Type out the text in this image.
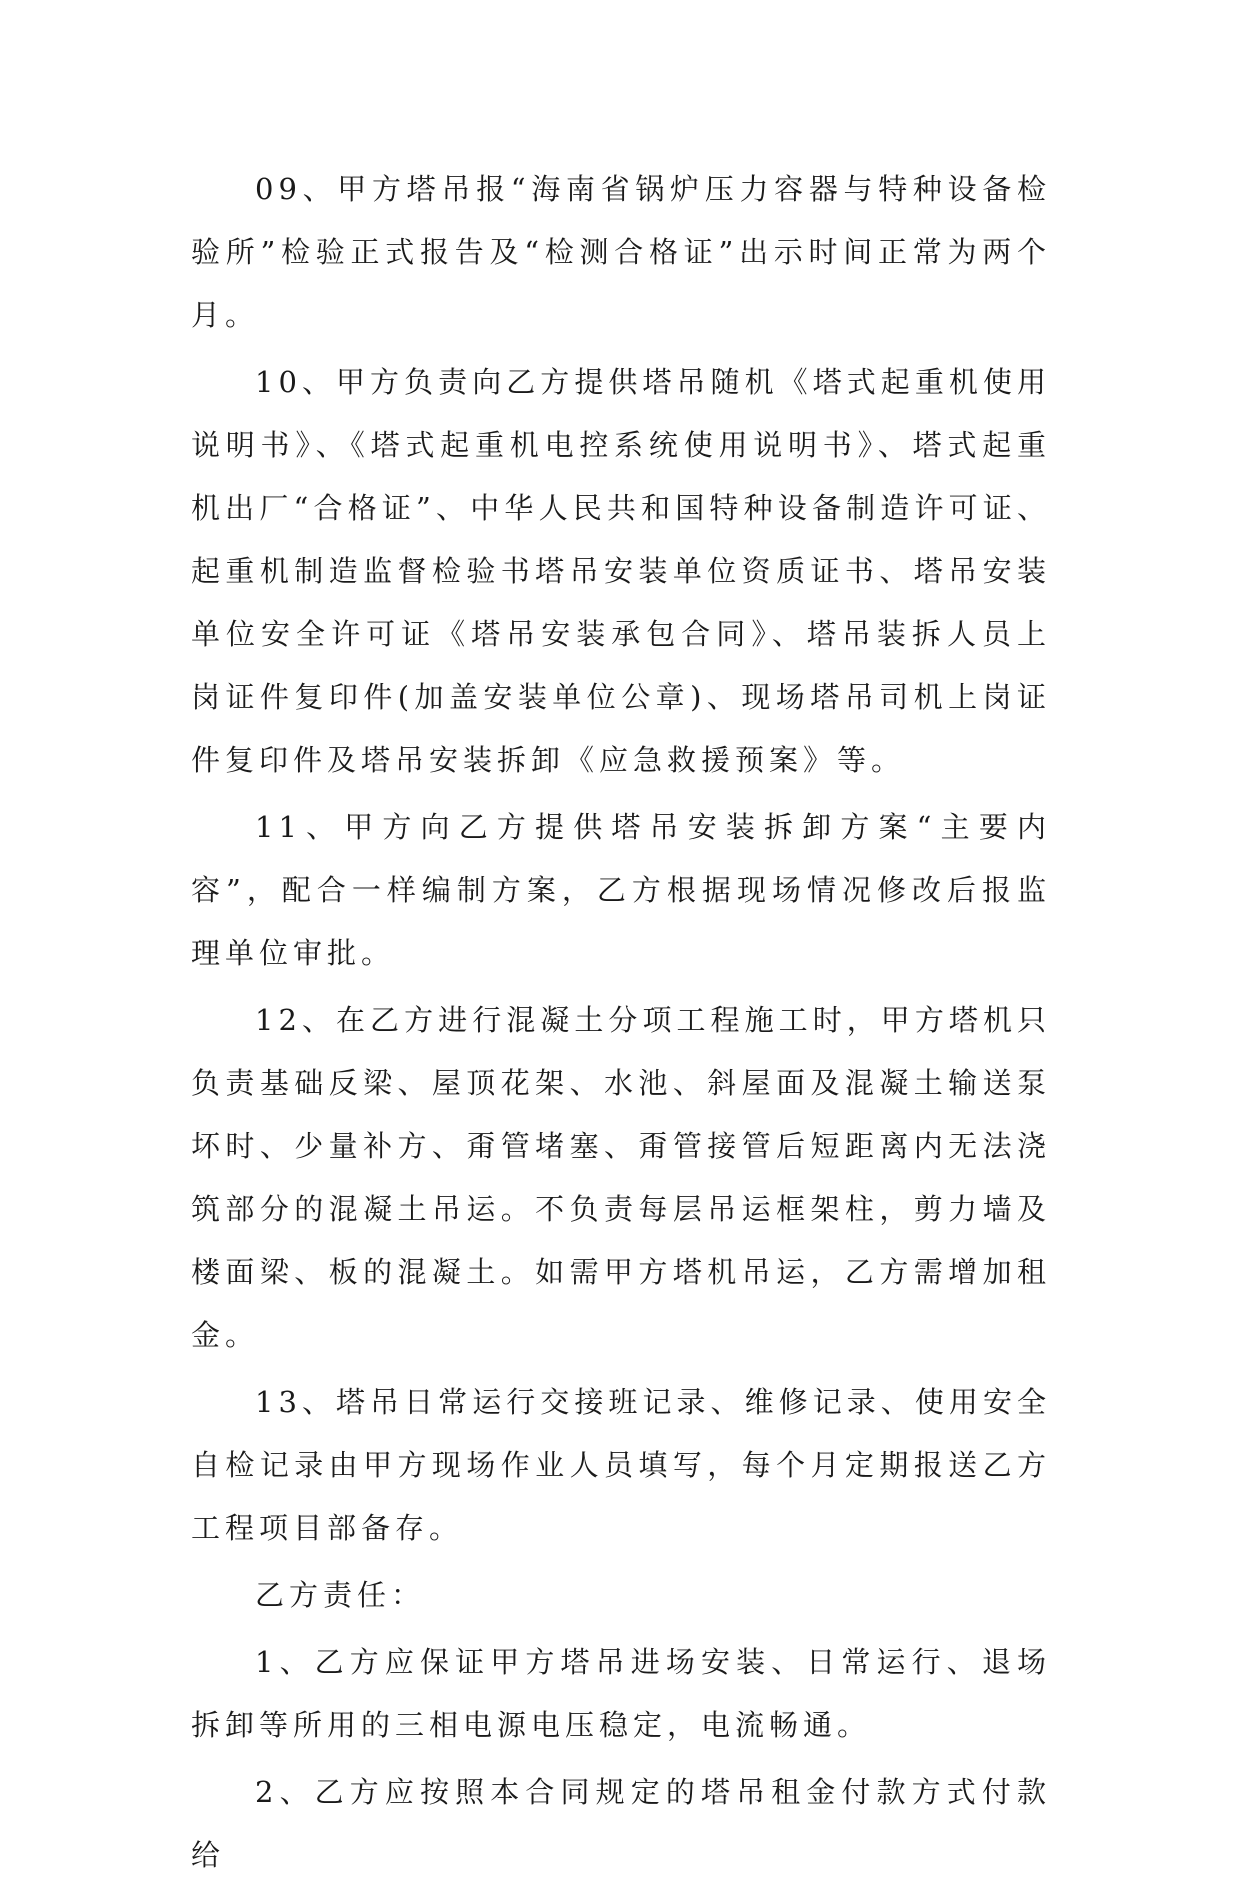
09、甲方塔吊报“海南省锅炉压力容器与特种设备检验所”检验正式报告及“检测合格证”出示时间正常为两个月。

10、甲方负责向乙方提供塔吊随机《塔式起重机使用说明书》、《塔式起重机电控系统使用说明书》、塔式起重机出厂“合格证”、中华人民共和国特种设备制造许可证、起重机制造监督检验书塔吊安装单位资质证书、塔吊安装单位安全许可证《塔吊安装承包合同》、塔吊装拆人员上岗证件复印件(加盖安装单位公章)、现场塔吊司机上岗证件复印件及塔吊安装拆卸《应急救援预案》等。

11、甲方向乙方提供塔吊安装拆卸方案“主要内容”，配合一样编制方案，乙方根据现场情况修改后报监理单位审批。

12、在乙方进行混凝土分项工程施工时，甲方塔机只负责基础反梁、屋顶花架、水池、斜屋面及混凝土输送泵坏时、少量补方、甭管堵塞、甭管接管后短距离内无法浇筑部分的混凝土吊运。不负责每层吊运框架柱，剪力墙及楼面梁、板的混凝土。如需甲方塔机吊运，乙方需增加租金。

13、塔吊日常运行交接班记录、维修记录、使用安全自检记录由甲方现场作业人员填写，每个月定期报送乙方工程项目部备存。

乙方责任：

1、乙方应保证甲方塔吊进场安装、日常运行、退场拆卸等所用的三相电源电压稳定，电流畅通。

2、乙方应按照本合同规定的塔吊租金付款方式付款给
